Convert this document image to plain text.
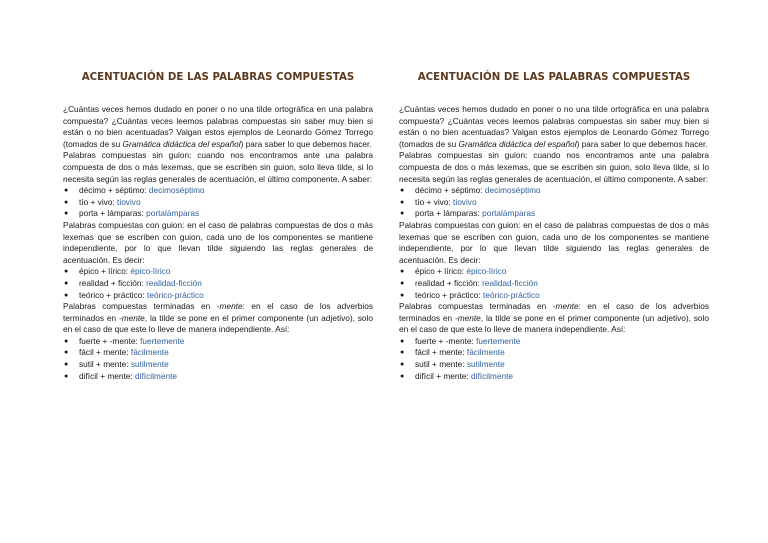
ACENTUACIÓN DE LAS PALABRAS COMPUESTAS

¿Cuántas veces hemos dudado en poner o no una tilde ortográfica en una palabra compuesta? ¿Cuántas veces leemos palabras compuestas sin saber muy bien si están o no bien acentuadas? Valgan estos ejemplos de Leonardo Gómez Torrego (tomados de su Gramática didáctica del español) para saber lo que debemos hacer.

Palabras compuestas sin guion: cuando nos encontramos ante una palabra compuesta de dos o más lexemas, que se escriben sin guion, solo lleva tilde, si lo necesita según las reglas generales de acentuación, el último componente. A saber:

● décimo + séptimo: decimoséptimo
● tío + vivo: tiovivo
● porta + lámparas: portalámparas

Palabras compuestas con guion: en el caso de palabras compuestas de dos o más lexemas que se escriben con guion, cada uno de los componentes se mantiene independiente, por lo que llevan tilde siguiendo las reglas generales de acentuación. Es decir:

● épico + lírico: épico-lírico
● realidad + ficción: realidad-ficción
● teórico + práctico: teórico-práctico

Palabras compuestas terminadas en -mente: en el caso de los adverbios terminados en -mente, la tilde se pone en el primer componente (un adjetivo), solo en el caso de que este lo lleve de manera independiente. Así:

● fuerte + -mente: fuertemente
● fácil + mente: fácilmente
● sutil + mente: sutilmente
● difícil + mente: difícilmente
ACENTUACIÓN DE LAS PALABRAS COMPUESTAS

¿Cuántas veces hemos dudado en poner o no una tilde ortográfica en una palabra compuesta? ¿Cuántas veces leemos palabras compuestas sin saber muy bien si están o no bien acentuadas? Valgan estos ejemplos de Leonardo Gómez Torrego (tomados de su Gramática didáctica del español) para saber lo que debemos hacer.

Palabras compuestas sin guion: cuando nos encontramos ante una palabra compuesta de dos o más lexemas, que se escriben sin guion, solo lleva tilde, si lo necesita según las reglas generales de acentuación, el último componente. A saber:

● décimo + séptimo: decimoséptimo
● tío + vivo: tiovivo
● porta + lámparas: portalámparas

Palabras compuestas con guion: en el caso de palabras compuestas de dos o más lexemas que se escriben con guion, cada uno de los componentes se mantiene independiente, por lo que llevan tilde siguiendo las reglas generales de acentuación. Es decir:

● épico + lírico: épico-lírico
● realidad + ficción: realidad-ficción
● teórico + práctico: teórico-práctico

Palabras compuestas terminadas en -mente: en el caso de los adverbios terminados en -mente, la tilde se pone en el primer componente (un adjetivo), solo en el caso de que este lo lleve de manera independiente. Así:

● fuerte + -mente: fuertemente
● fácil + mente: fácilmente
● sutil + mente: sutilmente
● difícil + mente: difícilmente
